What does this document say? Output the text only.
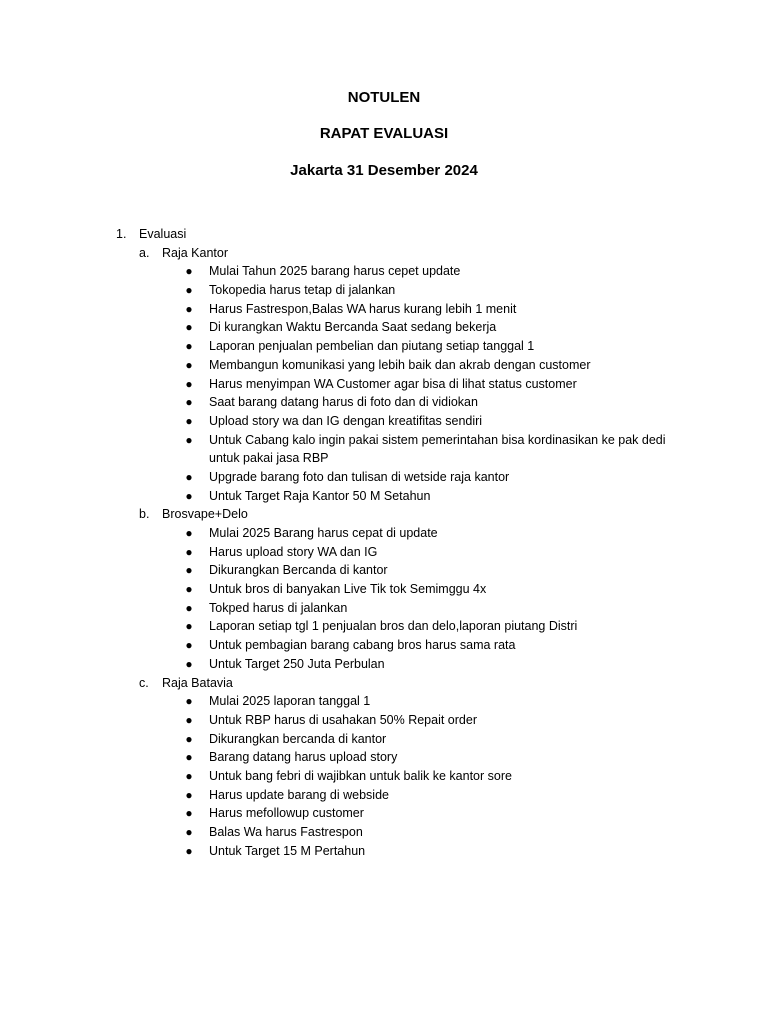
NOTULEN
RAPAT EVALUASI
Jakarta 31 Desember 2024
1. Evaluasi
a. Raja Kantor
● Mulai Tahun 2025 barang harus cepet update
● Tokopedia harus tetap di jalankan
● Harus Fastrespon,Balas WA harus kurang lebih 1 menit
● Di kurangkan Waktu Bercanda Saat sedang bekerja
● Laporan penjualan pembelian dan piutang setiap tanggal 1
● Membangun komunikasi yang lebih baik dan akrab dengan customer
● Harus menyimpan WA Customer agar bisa di lihat status customer
● Saat barang datang harus di foto dan di vidiokan
● Upload story wa dan IG dengan kreatifitas sendiri
● Untuk Cabang kalo ingin pakai sistem pemerintahan bisa kordinasikan ke pak dedi untuk pakai jasa RBP
● Upgrade barang foto dan tulisan di wetside raja kantor
● Untuk Target Raja Kantor 50 M Setahun
b. Brosvape+Delo
● Mulai 2025 Barang harus cepat di update
● Harus upload story WA dan IG
● Dikurangkan Bercanda di kantor
● Untuk bros di banyakan Live Tik tok Semimggu 4x
● Tokped harus di jalankan
● Laporan setiap tgl 1 penjualan bros dan delo,laporan piutang Distri
● Untuk pembagian barang cabang bros harus sama rata
● Untuk Target 250 Juta Perbulan
c. Raja Batavia
● Mulai 2025 laporan tanggal 1
● Untuk RBP harus di usahakan 50% Repait order
● Dikurangkan bercanda di kantor
● Barang datang harus upload story
● Untuk bang febri di wajibkan untuk balik ke kantor sore
● Harus update barang di webside
● Harus mefollowup customer
● Balas Wa harus Fastrespon
● Untuk Target 15 M Pertahun
